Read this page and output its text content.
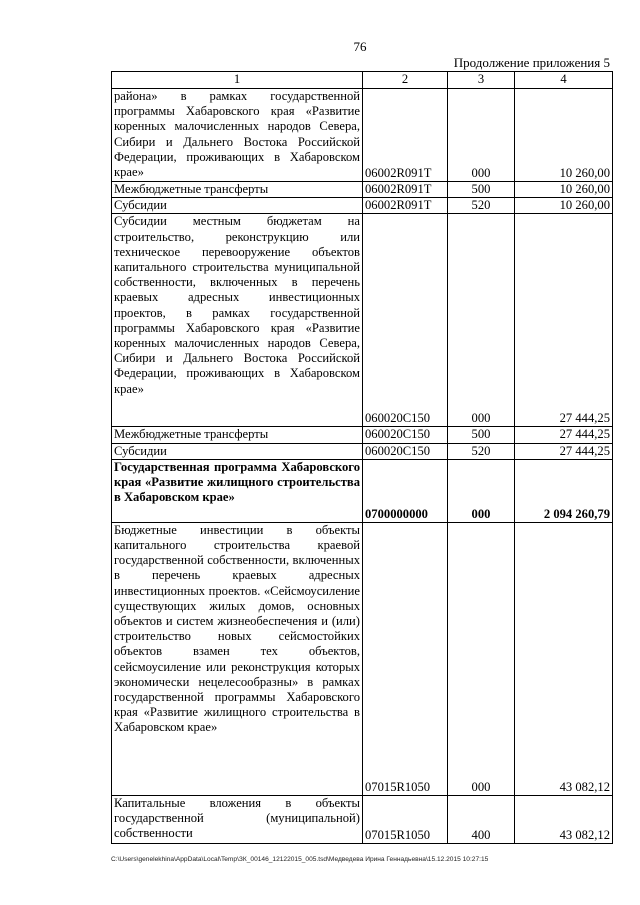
76
Продолжение приложения 5
1	2	3	4
района» в рамках государственной программы Хабаровского края «Развитие коренных малочисленных народов Севера, Сибири и Дальнего Востока Российской Федерации, проживающих в Хабаровском крае»	06002R091T	000	10 260,00
Межбюджетные трансферты	06002R091T	500	10 260,00
Субсидии	06002R091T	520	10 260,00
Субсидии местным бюджетам на строительство, реконструкцию или техническое перевооружение объектов капитального строительства муниципальной собственности, включенных в перечень краевых адресных инвестиционных проектов, в рамках государственной программы Хабаровского края «Развитие коренных малочисленных народов Севера, Сибири и Дальнего Востока Российской Федерации, проживающих в Хабаровском крае»	060020С150	000	27 444,25
Межбюджетные трансферты	060020С150	500	27 444,25
Субсидии	060020С150	520	27 444,25
Государственная программа Хабаровского края «Развитие жилищного строительства в Хабаровском крае»	0700000000	000	2 094 260,79
Бюджетные инвестиции в объекты капитального строительства краевой государственной собственности, включенных в перечень краевых адресных инвестиционных проектов. «Сейсмоусиление существующих жилых домов, основных объектов и систем жизнеобеспечения и (или) строительство новых сейсмостойких объектов взамен тех объектов, сейсмоусиление или реконструкция которых экономически нецелесообразны» в рамках государственной программы Хабаровского края «Развитие жилищного строительства в Хабаровском крае»	07015R1050	000	43 082,12
Капитальные вложения в объекты государственной (муниципальной) собственности	07015R1050	400	43 082,12
C:\Users\genelekhina\AppData\Local\Temp\ЗК_00146_12122015_005.tsd\Медведева Ирина Геннадьевна\15.12.2015 10:27:15
